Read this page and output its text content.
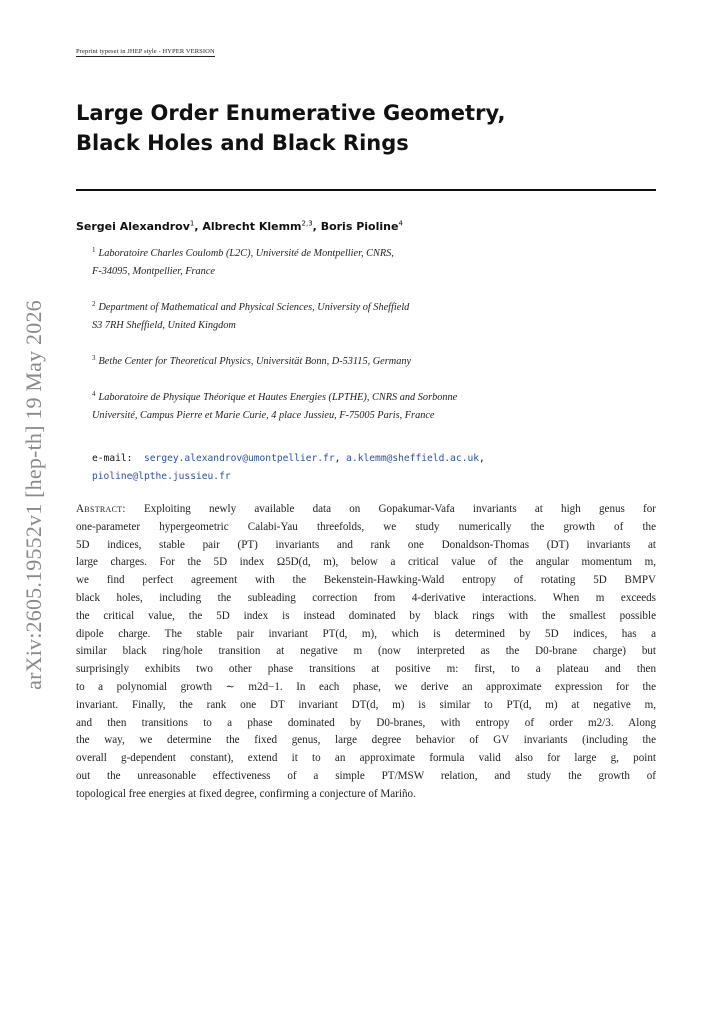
arXiv:2605.19552v1 [hep-th] 19 May 2026
Preprint typeset in JHEP style - HYPER VERSION
Large Order Enumerative Geometry,
Black Holes and Black Rings
Sergei Alexandrov$^1$, Albrecht Klemm$^{2,3}$, Boris Pioline$^4$
$^1$ Laboratoire Charles Coulomb (L2C), Université de Montpellier, CNRS,
F-34095, Montpellier, France
$^2$ Department of Mathematical and Physical Sciences, University of Sheffield
S3 7RH Sheffield, United Kingdom
$^3$ Bethe Center for Theoretical Physics, Universität Bonn, D-53115, Germany
$^4$ Laboratoire de Physique Théorique et Hautes Energies (LPTHE), CNRS and Sorbonne
Université, Campus Pierre et Marie Curie, 4 place Jussieu, F-75005 Paris, France
e-mail: sergey.alexandrov@umontpellier.fr, a.klemm@sheffield.ac.uk,
pioline@lpthe.jussieu.fr
Abstract: Exploiting newly available data on Gopakumar-Vafa invariants at high genus for
one-parameter hypergeometric Calabi-Yau threefolds, we study numerically the growth of the
5D indices, stable pair (PT) invariants and rank one Donaldson-Thomas (DT) invariants at
large charges. For the 5D index Ω5D(d, m), below a critical value of the angular momentum m,
we find perfect agreement with the Bekenstein-Hawking-Wald entropy of rotating 5D BMPV
black holes, including the subleading correction from 4-derivative interactions. When m exceeds
the critical value, the 5D index is instead dominated by black rings with the smallest possible
dipole charge. The stable pair invariant PT(d, m), which is determined by 5D indices, has a
similar black ring/hole transition at negative m (now interpreted as the D0-brane charge) but
surprisingly exhibits two other phase transitions at positive m: first, to a plateau and then
to a polynomial growth ∼ m2d−1. In each phase, we derive an approximate expression for the
invariant. Finally, the rank one DT invariant DT(d, m) is similar to PT(d, m) at negative m,
and then transitions to a phase dominated by D0-branes, with entropy of order m2/3. Along
the way, we determine the fixed genus, large degree behavior of GV invariants (including the
overall g-dependent constant), extend it to an approximate formula valid also for large g, point
out the unreasonable effectiveness of a simple PT/MSW relation, and study the growth of
topological free energies at fixed degree, confirming a conjecture of Mariño.
